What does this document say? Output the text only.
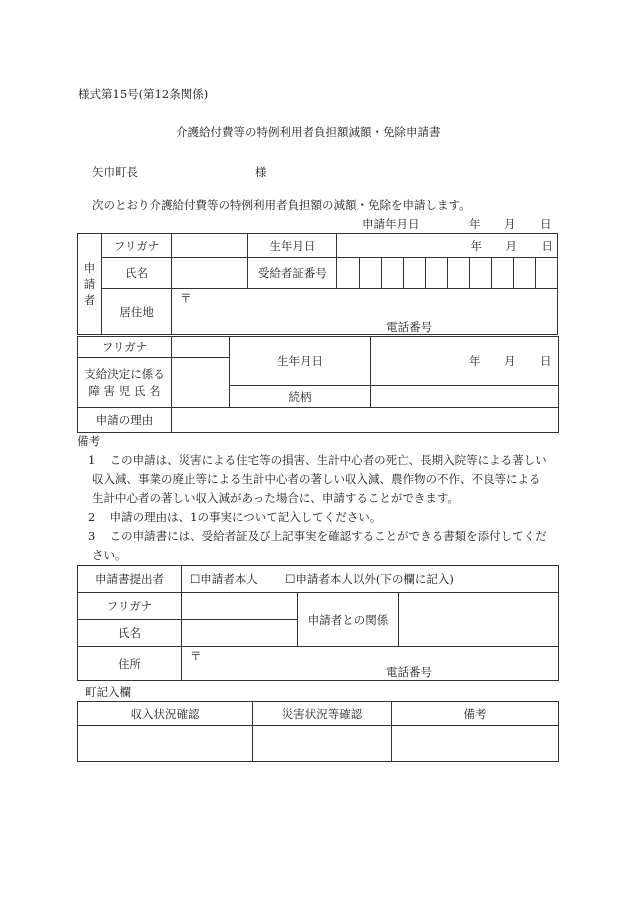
様式第15号(第12条関係)
介護給付費等の特例利用者負担額減額・免除申請書
矢巾町長	様
次のとおり介護給付費等の特例利用者負担額の減額・免除を申請します。
申請年月日	年 月 日
申
請
者	フリガナ		生年月日	年 月 日									

	氏名		受給者証番号										
	居住地	〒
電話番号											
フリガナ		生年月日	年 月 日

支給決定に係る
障 害 児 氏 名			

		続柄	
申請の理由	
備考
1 この申請は、災害による住宅等の損害、生計中心者の死亡、長期入院等による著しい
収入減、事業の廃止等による生計中心者の著しい収入減、農作物の不作、不良等による
生計中心者の著しい収入減があった場合に、申請することができます。
2 申請の理由は、1の事実について記入してください。
3 この申請書には、受給者証及び上記事実を確認することができる書類を添付してくだ
さい。
申請書提出者	☐申請者本人 ☐申請者本人以外(下の欄に記入)		
フリガナ		申請者との関係	
氏名			
住所	〒
電話番号		
町記入欄
収入状況確認	災害状況等確認	備考
